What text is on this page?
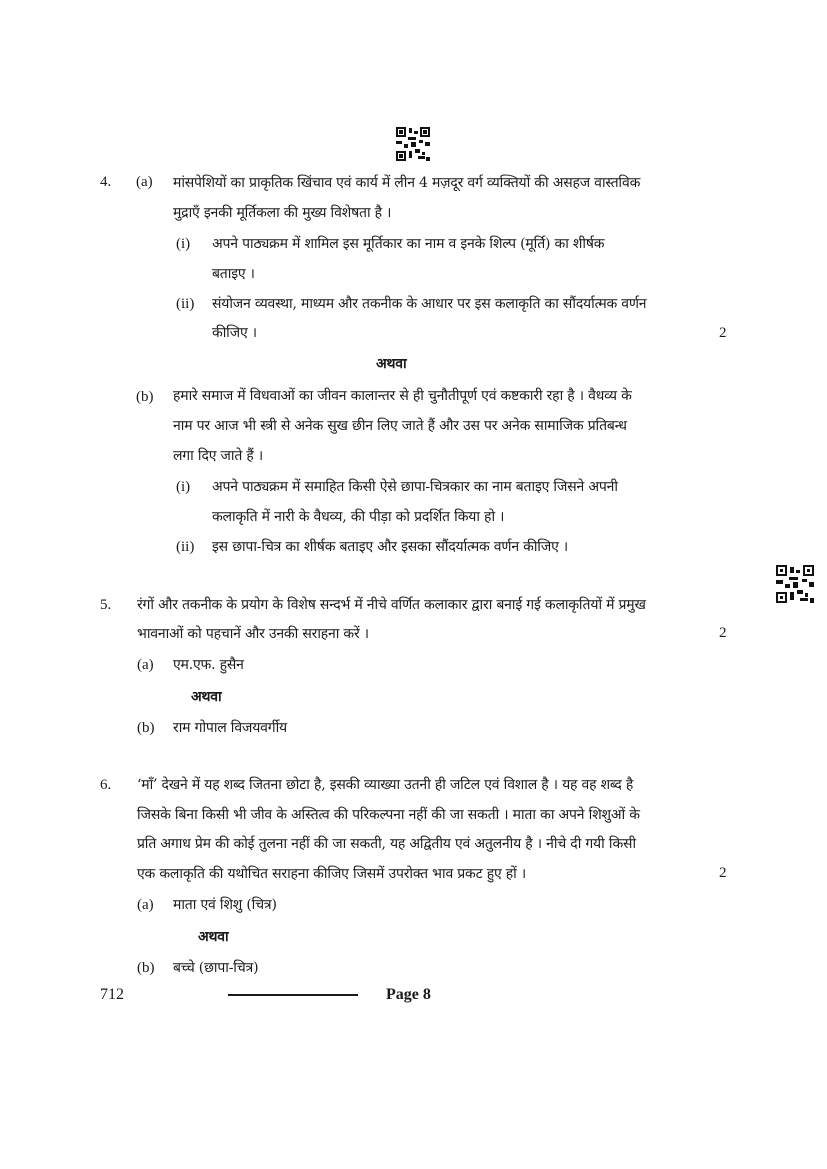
4. (a) मांसपेशियों का प्राकृतिक खिंचाव एवं कार्य में लीन 4 मज़दूर वर्ग व्यक्तियों की असहज वास्तविक
मुद्राएँ इनकी मूर्तिकला की मुख्य विशेषता है ।
(i) अपने पाठ्यक्रम में शामिल इस मूर्तिकार का नाम व इनके शिल्प (मूर्ति) का शीर्षक
बताइए ।
(ii) संयोजन व्यवस्था, माध्यम और तकनीक के आधार पर इस कलाकृति का सौंदर्यात्मक वर्णन
कीजिए ।	2
अथवा
(b) हमारे समाज में विधवाओं का जीवन कालान्तर से ही चुनौतीपूर्ण एवं कष्टकारी रहा है । वैधव्य के
नाम पर आज भी स्त्री से अनेक सुख छीन लिए जाते हैं और उस पर अनेक सामाजिक प्रतिबन्ध
लगा दिए जाते हैं ।
(i) अपने पाठ्यक्रम में समाहित किसी ऐसे छापा-चित्रकार का नाम बताइए जिसने अपनी
कलाकृति में नारी के वैधव्य, की पीड़ा को प्रदर्शित किया हो ।
(ii) इस छापा-चित्र का शीर्षक बताइए और इसका सौंदर्यात्मक वर्णन कीजिए ।
5. रंगों और तकनीक के प्रयोग के विशेष सन्दर्भ में नीचे वर्णित कलाकार द्वारा बनाई गई कलाकृतियों में प्रमुख
भावनाओं को पहचानें और उनकी सराहना करें ।	2
(a) एम.एफ. हुसैन
अथवा
(b) राम गोपाल विजयवर्गीय
6. ‘माँ’ देखने में यह शब्द जितना छोटा है, इसकी व्याख्या उतनी ही जटिल एवं विशाल है । यह वह शब्द है
जिसके बिना किसी भी जीव के अस्तित्व की परिकल्पना नहीं की जा सकती । माता का अपने शिशुओं के
प्रति अगाध प्रेम की कोई तुलना नहीं की जा सकती, यह अद्वितीय एवं अतुलनीय है । नीचे दी गयी किसी
एक कलाकृति की यथोचित सराहना कीजिए जिसमें उपरोक्त भाव प्रकट हुए हों ।	2
(a) माता एवं शिशु (चित्र)
अथवा
(b) बच्चे (छापा-चित्र)
712	Page 8
